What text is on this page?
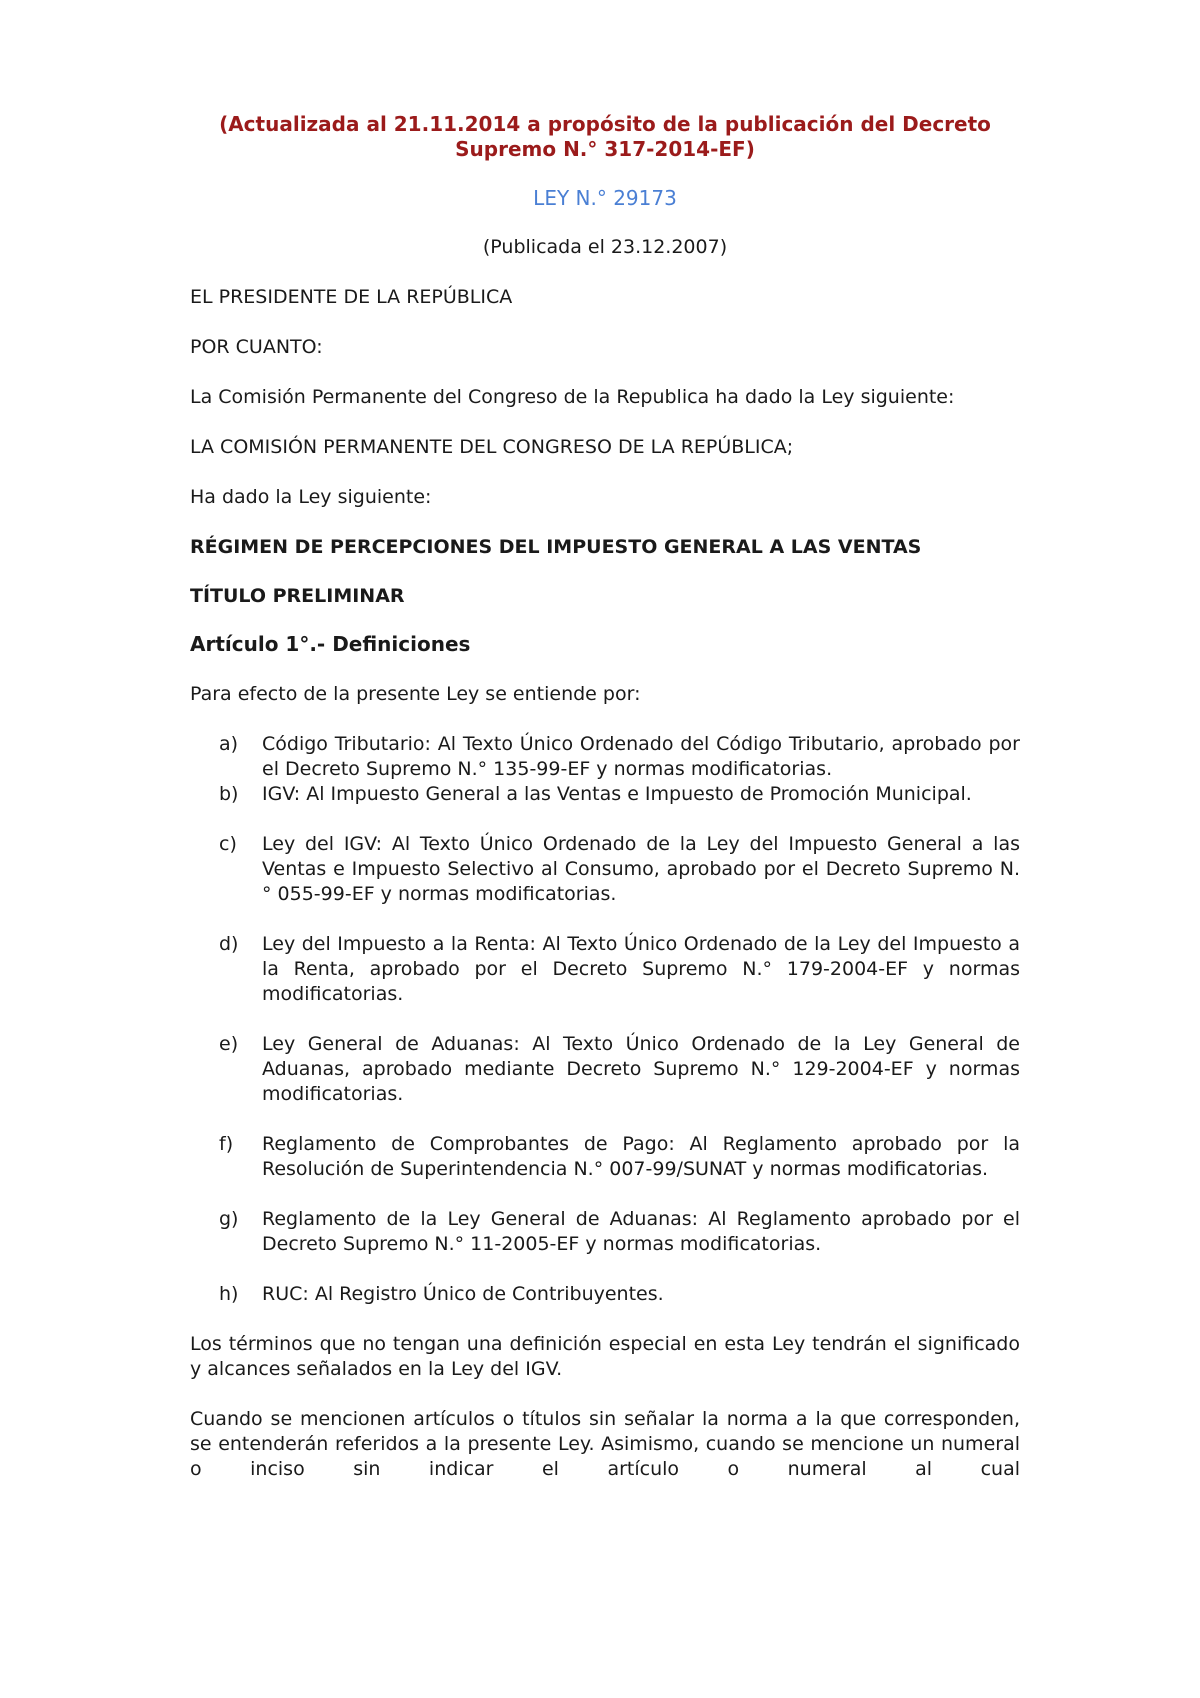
(Actualizada al 21.11.2014 a propósito de la publicación del Decreto Supremo N.° 317-2014-EF)

LEY N.° 29173

(Publicada el 23.12.2007)

EL PRESIDENTE DE LA REPÚBLICA

POR CUANTO:

La Comisión Permanente del Congreso de la Republica ha dado la Ley siguiente:

LA COMISIÓN PERMANENTE DEL CONGRESO DE LA REPÚBLICA;

Ha dado la Ley siguiente:

RÉGIMEN DE PERCEPCIONES DEL IMPUESTO GENERAL A LAS VENTAS

TÍTULO PRELIMINAR

Artículo 1°.- Definiciones

Para efecto de la presente Ley se entiende por:

a)	Código Tributario: Al Texto Único Ordenado del Código Tributario, aprobado por el Decreto Supremo N.° 135-99-EF y normas modificatorias.
b)	IGV: Al Impuesto General a las Ventas e Impuesto de Promoción Municipal.
c)	Ley del IGV: Al Texto Único Ordenado de la Ley del Impuesto General a las Ventas e Impuesto Selectivo al Consumo, aprobado por el Decreto Supremo N.° 055-99-EF y normas modificatorias.
d)	Ley del Impuesto a la Renta: Al Texto Único Ordenado de la Ley del Impuesto a la Renta, aprobado por el Decreto Supremo N.° 179-2004-EF y normas modificatorias.
e)	Ley General de Aduanas: Al Texto Único Ordenado de la Ley General de Aduanas, aprobado mediante Decreto Supremo N.° 129-2004-EF y normas modificatorias.
f)	Reglamento de Comprobantes de Pago: Al Reglamento aprobado por la Resolución de Superintendencia N.° 007-99/SUNAT y normas modificatorias.
g)	Reglamento de la Ley General de Aduanas: Al Reglamento aprobado por el Decreto Supremo N.° 11-2005-EF y normas modificatorias.
h)	RUC: Al Registro Único de Contribuyentes.

Los términos que no tengan una definición especial en esta Ley tendrán el significado y alcances señalados en la Ley del IGV.

Cuando se mencionen artículos o títulos sin señalar la norma a la que corresponden, se entenderán referidos a la presente Ley. Asimismo, cuando se mencione un numeral o inciso sin indicar el artículo o numeral al cual
